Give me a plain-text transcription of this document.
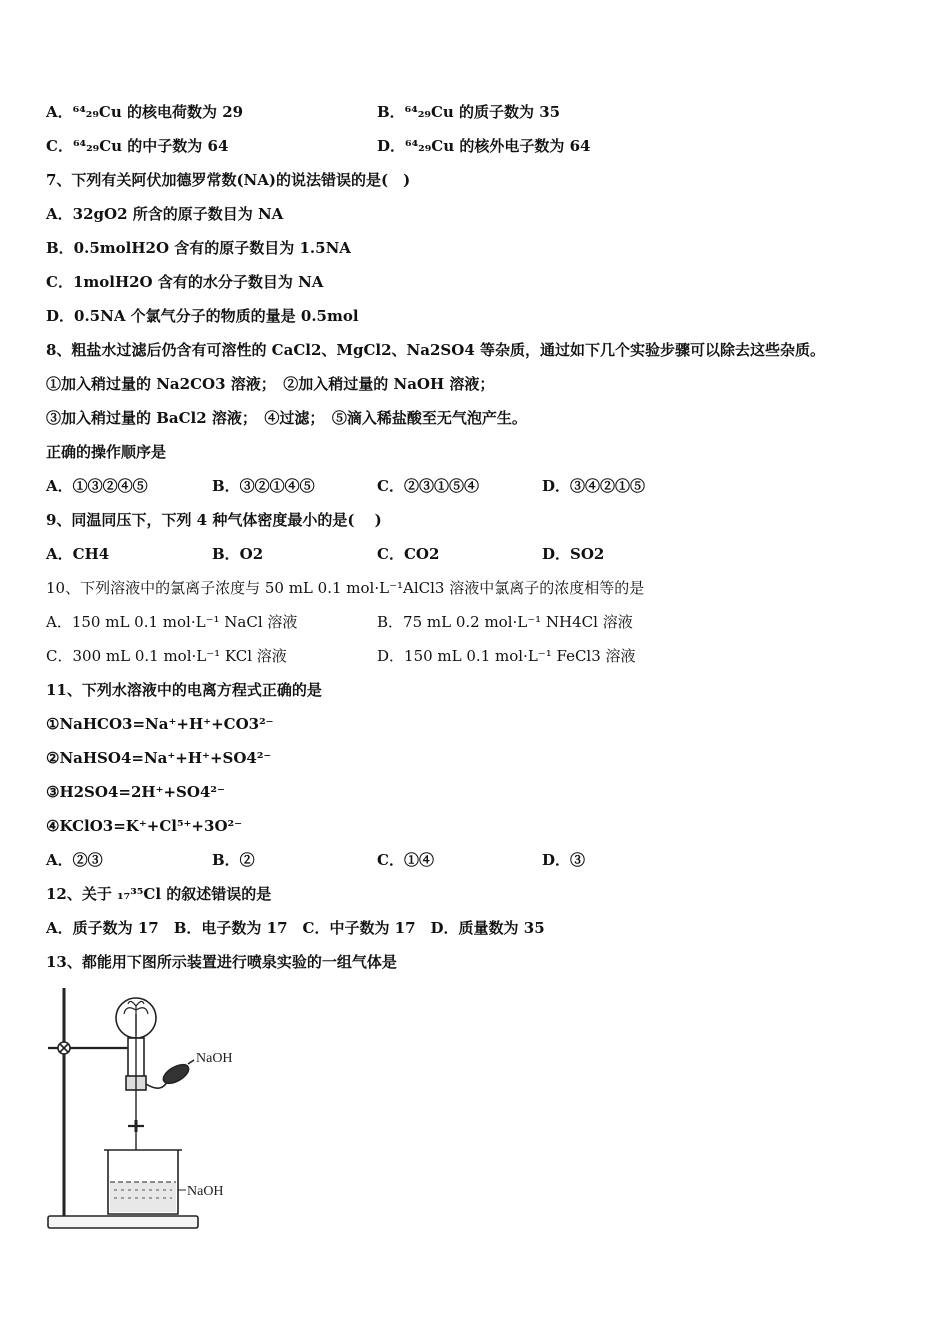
A．⁶⁴₂₉Cu 的核电荷数为 29	B．⁶⁴₂₉Cu 的质子数为 35
C．⁶⁴₂₉Cu 的中子数为 64	D．⁶⁴₂₉Cu 的核外电子数为 64
7、下列有关阿伏加德罗常数(NA)的说法错误的是(　)
A．32gO2 所含的原子数目为 NA
B．0.5molH2O 含有的原子数目为 1.5NA
C．1molH2O 含有的水分子数目为 NA
D．0.5NA 个氯气分子的物质的量是 0.5mol
8、粗盐水过滤后仍含有可溶性的 CaCl2、MgCl2、Na2SO4 等杂质，通过如下几个实验步骤可以除去这些杂质。
①加入稍过量的 Na2CO3 溶液；　②加入稍过量的 NaOH 溶液；
③加入稍过量的 BaCl2 溶液；　④过滤；　⑤滴入稀盐酸至无气泡产生。
正确的操作顺序是
A．①③②④⑤	B．③②①④⑤	C．②③①⑤④	D．③④②①⑤
9、同温同压下，下列 4 种气体密度最小的是(　 )
A．CH4	B．O2	C．CO2	D．SO2
10、下列溶液中的氯离子浓度与 50 mL 0.1 mol·L⁻¹AlCl3 溶液中氯离子的浓度相等的是
A．150 mL 0.1 mol·L⁻¹ NaCl 溶液	B．75 mL 0.2 mol·L⁻¹ NH4Cl 溶液
C．300 mL 0.1 mol·L⁻¹ KCl 溶液	D．150 mL 0.1 mol·L⁻¹ FeCl3 溶液
11、下列水溶液中的电离方程式正确的是
①NaHCO3=Na⁺+H⁺+CO3²⁻
②NaHSO4=Na⁺+H⁺+SO4²⁻
③H2SO4=2H⁺+SO4²⁻
④KClO3=K⁺+Cl⁵⁺+3O²⁻
A．②③	B．②	C．①④	D．③
12、关于 ₁₇³⁵Cl 的叙述错误的是
A．质子数为 17　B．电子数为 17　C．中子数为 17　D．质量数为 35
13、都能用下图所示装置进行喷泉实验的一组气体是
NaOH
NaOH
